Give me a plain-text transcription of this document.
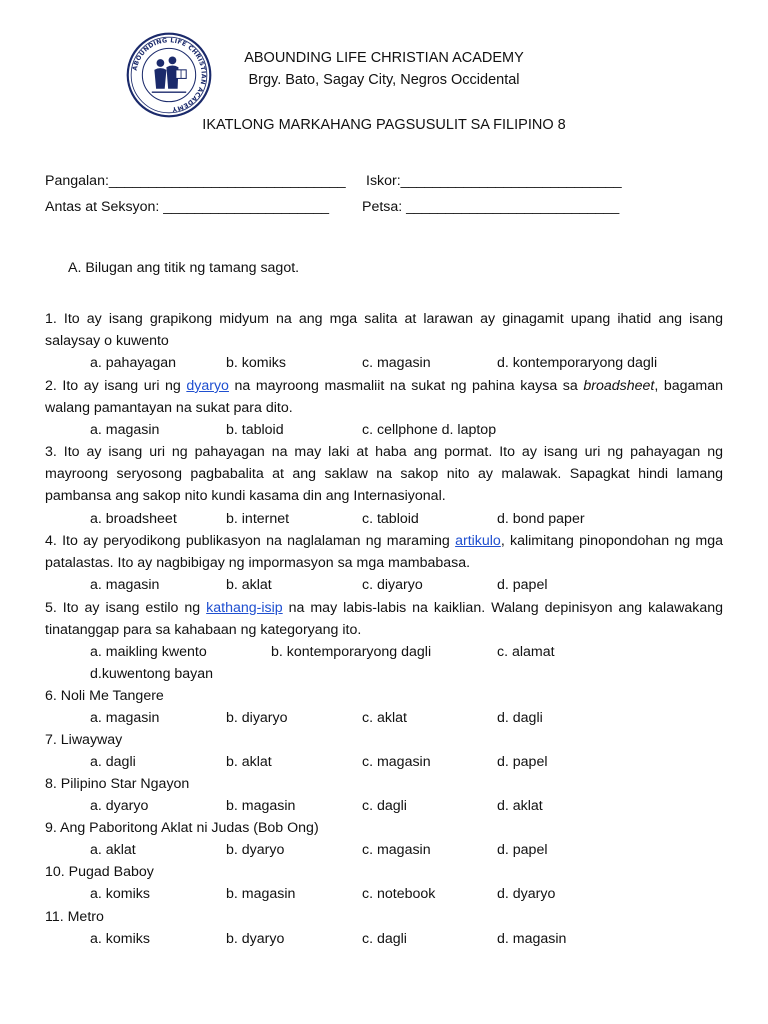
ABOUNDING LIFE CHRISTIAN ACADEMY
ABOUNDING LIFE CHRISTIAN ACADEMY
Brgy. Bato, Sagay City, Negros Occidental
IKATLONG MARKAHANG PAGSUSULIT SA FILIPINO 8
Pangalan:______________________________ Iskor:____________________________
Antas at Seksyon: _____________________ Petsa: ___________________________
A. Bilugan ang titik ng tamang sagot.
1. Ito ay isang grapikong midyum na ang mga salita at larawan ay ginagamit upang ihatid ang isang salaysay o kuwento
a. pahayagan	b. komiks	c. magasin	d. kontemporaryong dagli
2. Ito ay isang uri ng dyaryo na mayroong masmaliit na sukat ng pahina kaysa sa broadsheet, bagaman walang pamantayan na sukat para dito.
a. magasin	b. tabloid	c. cellphone d. laptop
3. Ito ay isang uri ng pahayagan na may laki at haba ang pormat. Ito ay isang uri ng pahayagan ng mayroong seryosong pagbabalita at ang saklaw na sakop nito ay malawak. Sapagkat hindi lamang pambansa ang sakop nito kundi kasama din ang Internasiyonal.
a. broadsheet	b. internet	c. tabloid	d. bond paper
4. Ito ay peryodikong publikasyon na naglalaman ng maraming artikulo, kalimitang pinopondohan ng mga patalastas. Ito ay nagbibigay ng impormasyon sa mga mambabasa.
a. magasin	b. aklat	c. diyaryo	d. papel
5. Ito ay isang estilo ng kathang-isip na may labis-labis na kaiklian. Walang depinisyon ang kalawakang tinatanggap para sa kahabaan ng kategoryang ito.
a. maikling kwento	b. kontemporaryong dagli	c. alamat
d.kuwentong bayan
6. Noli Me Tangere
a. magasin	b. diyaryo	c. aklat	d. dagli
7. Liwayway
a. dagli	b. aklat	c. magasin	d. papel
8. Pilipino Star Ngayon
a. dyaryo	b. magasin	c. dagli	d. aklat
9. Ang Paboritong Aklat ni Judas (Bob Ong)
a. aklat	b. dyaryo	c. magasin	d. papel
10. Pugad Baboy
a. komiks	b. magasin	c. notebook	d. dyaryo
11. Metro
a. komiks	b. dyaryo	c. dagli	d. magasin
